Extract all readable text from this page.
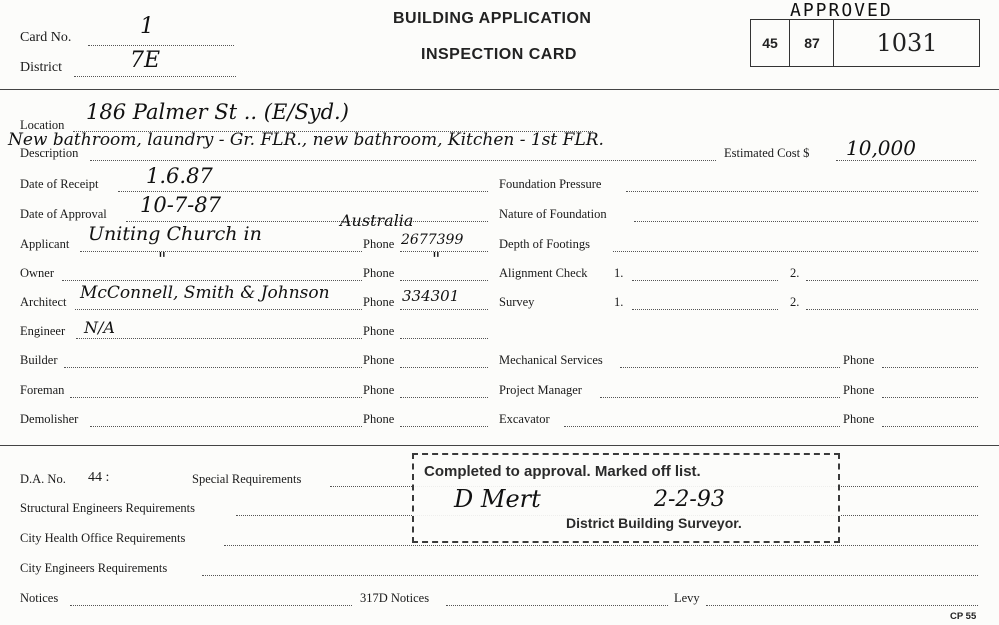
Card No.	1
District	7E
BUILDING APPLICATION
INSPECTION CARD
APPROVED
45	87	1031
Location
186 Palmer St .. (E/Syd.)
New bathroom, laundry - Gr. FLR., new bathroom, Kitchen - 1st FLR.
Description	Estimated Cost $ 10,000
Date of Receipt 1.6.87
Date of Approval 10-7-87
Australia
Applicant Uniting Church in	Phone 2677399
"	"
Owner	Phone
Architect McConnell, Smith & Johnson	Phone 334301
Engineer N/A	Phone
Builder	Phone
Foreman	Phone
Demolisher	Phone
Foundation Pressure
Nature of Foundation
Depth of Footings
Alignment Check 1.	2.
Survey	1.	2.
Mechanical Services	Phone
Project Manager	Phone
Excavator	Phone
D.A. No. 44 :	Special Requirements
Structural Engineers Requirements
City Health Office Requirements
City Engineers Requirements
Notices	317D Notices	Levy
CP 55
Completed to approval. Marked off list.
D Mert	2-2-93
District Building Surveyor.
